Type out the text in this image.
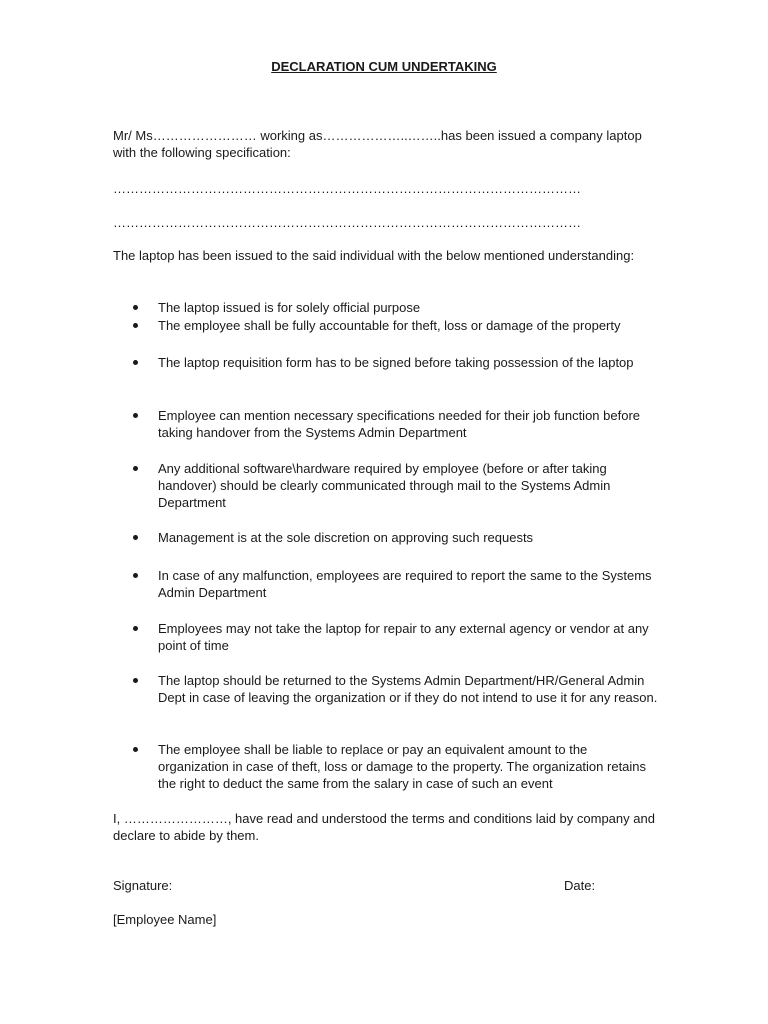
DECLARATION CUM UNDERTAKING
Mr/ Ms…………………… working as………………..……..has been issued a company laptop with the following specification:
………………………………………………………………………………………………
………………………………………………………………………………………………
The laptop has been issued to the said individual with the below mentioned understanding:
The laptop issued is for solely official purpose
The employee shall be fully accountable for theft, loss or damage of the property
The laptop requisition form has to be signed before taking possession of the laptop
Employee can mention necessary specifications needed for their job function before taking handover from the Systems Admin Department
Any additional software\hardware required by employee (before or after taking handover) should be clearly communicated through mail to the Systems Admin Department
Management is at the sole discretion on approving such requests
In case of any malfunction, employees are required to report the same to the Systems Admin Department
Employees may not take the laptop for repair to any external agency or vendor at any point of time
The laptop should be returned to the Systems Admin Department/HR/General Admin Dept in case of leaving the organization or if they do not intend to use it for any reason.
The employee shall be liable to replace or pay an equivalent amount to the organization in case of theft, loss or damage to the property. The organization retains the right to deduct the same from the salary in case of such an event
I, ……………………, have read and understood the terms and conditions laid by company and declare to abide by them.
Signature:	Date:
[Employee Name]
